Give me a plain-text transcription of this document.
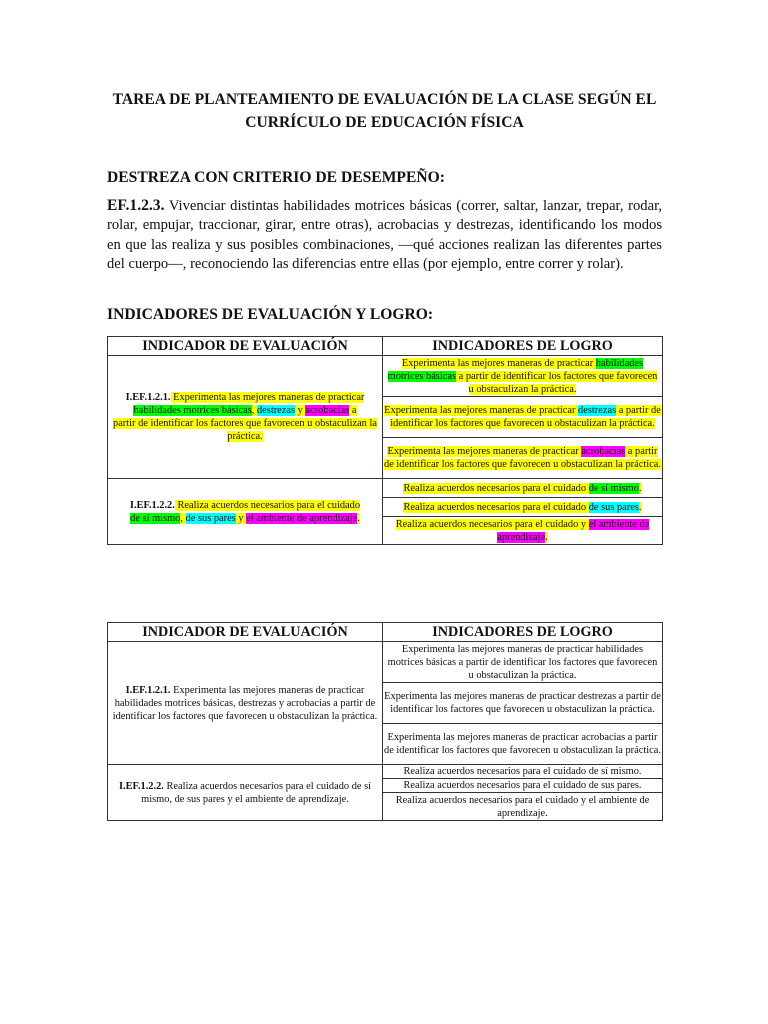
TAREA DE PLANTEAMIENTO DE EVALUACIÓN DE LA CLASE SEGÚN EL
CURRÍCULO DE EDUCACIÓN FÍSICA
DESTREZA CON CRITERIO DE DESEMPEÑO:
EF.1.2.3. Vivenciar distintas habilidades motrices básicas (correr, saltar, lanzar, trepar, rodar, rolar, empujar, traccionar, girar, entre otras), acrobacias y destrezas, identificando los modos en que las realiza y sus posibles combinaciones, —qué acciones realizan las diferentes partes del cuerpo—, reconociendo las diferencias entre ellas (por ejemplo, entre correr y rolar).
INDICADORES DE EVALUACIÓN Y LOGRO:
INDICADOR DE EVALUACIÓN	INDICADORES DE LOGRO
I.EF.1.2.1. Experimenta las mejores maneras de practicar
habilidades motrices básicas, destrezas y acrobacias a
partir de identificar los factores que favorecen u obstaculizan la práctica.	Experimenta las mejores maneras de practicar habilidades motrices básicas a partir de identificar los factores que favorecen u obstaculizan la práctica.
	Experimenta las mejores maneras de practicar destrezas a partir de identificar los factores que favorecen u obstaculizan la práctica.
	Experimenta las mejores maneras de practicar acrobacias a partir de identificar los factores que favorecen u obstaculizan la práctica.
I.EF.1.2.2. Realiza acuerdos necesarios para el cuidado
de sí mismo, de sus pares y el ambiente de aprendizaje.	Realiza acuerdos necesarios para el cuidado de sí mismo.
	Realiza acuerdos necesarios para el cuidado de sus pares.
	Realiza acuerdos necesarios para el cuidado y el ambiente de aprendizaje.
INDICADOR DE EVALUACIÓN	INDICADORES DE LOGRO
I.EF.1.2.1. Experimenta las mejores maneras de practicar habilidades motrices básicas, destrezas y acrobacias a partir de identificar los factores que favorecen u obstaculizan la práctica.	Experimenta las mejores maneras de practicar habilidades motrices básicas a partir de identificar los factores que favorecen u obstaculizan la práctica.
	Experimenta las mejores maneras de practicar destrezas a partir de identificar los factores que favorecen u obstaculizan la práctica.
	Experimenta las mejores maneras de practicar acrobacias a partir de identificar los factores que favorecen u obstaculizan la práctica.
I.EF.1.2.2. Realiza acuerdos necesarios para el cuidado de sí mismo, de sus pares y el ambiente de aprendizaje.	Realiza acuerdos necesarios para el cuidado de sí mismo.
	Realiza acuerdos necesarios para el cuidado de sus pares.
	Realiza acuerdos necesarios para el cuidado y el ambiente de aprendizaje.
